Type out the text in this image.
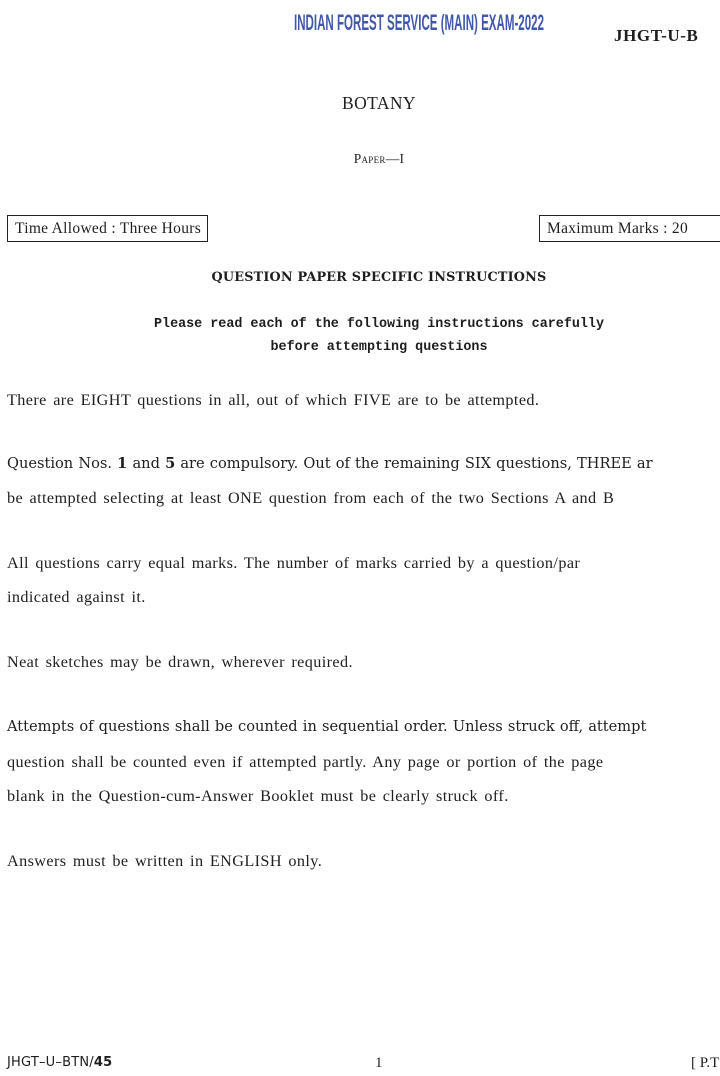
INDIAN FOREST SERVICE (MAIN) EXAM-2022
JHGT-U-B
BOTANY
Paper—I
Time Allowed : Three Hours	Maximum Marks : 20
QUESTION PAPER SPECIFIC INSTRUCTIONS
Please read each of the following instructions carefully
before attempting questions
There are EIGHT questions in all, out of which FIVE are to be attempted.
Question Nos. 1 and 5 are compulsory. Out of the remaining SIX questions, THREE ar
be attempted selecting at least ONE question from each of the two Sections A and B
All questions carry equal marks. The number of marks carried by a question/par
indicated against it.
Neat sketches may be drawn, wherever required.
Attempts of questions shall be counted in sequential order. Unless struck off, attempt
question shall be counted even if attempted partly. Any page or portion of the page
blank in the Question-cum-Answer Booklet must be clearly struck off.
Answers must be written in ENGLISH only.
JHGT–U–BTN/45	1	[ P.T
